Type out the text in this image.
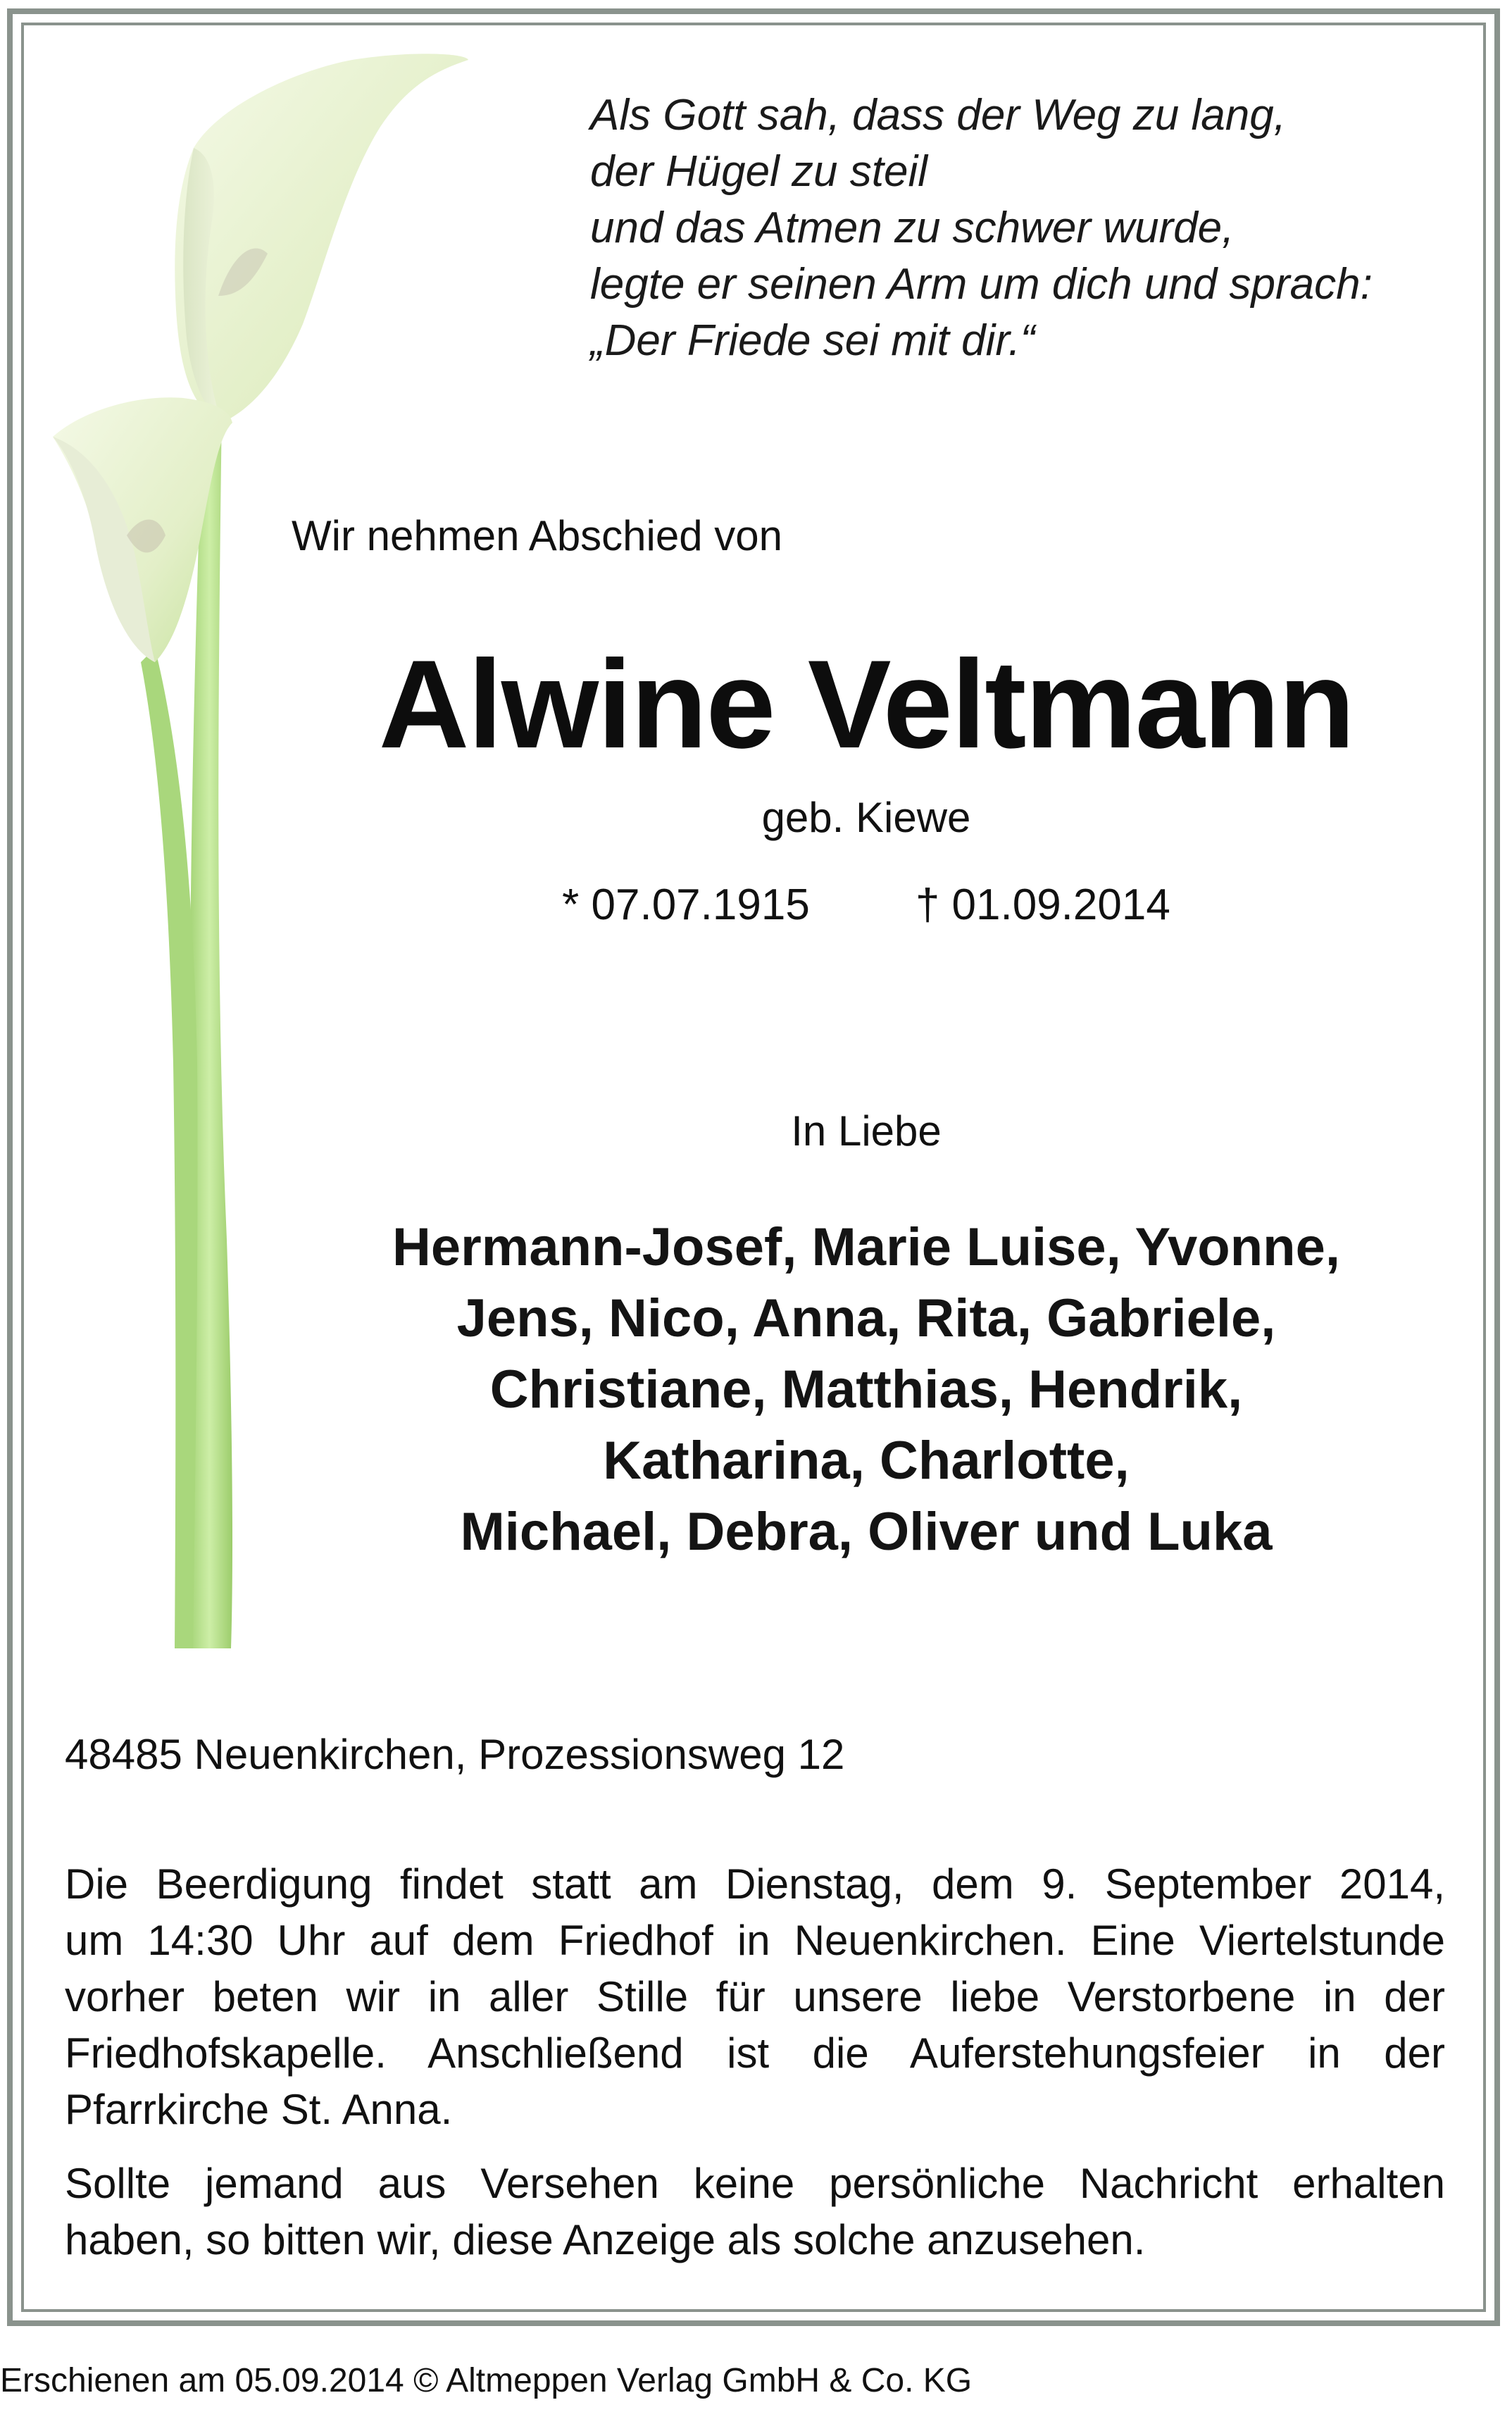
Als Gott sah, dass der Weg zu lang,
der Hügel zu steil
und das Atmen zu schwer wurde,
legte er seinen Arm um dich und sprach:
„Der Friede sei mit dir.“
Wir nehmen Abschied von
Alwine Veltmann
geb. Kiewe
* 07.07.1915 † 01.09.2014
In Liebe
Hermann-Josef, Marie Luise, Yvonne,
Jens, Nico, Anna, Rita, Gabriele,
Christiane, Matthias, Hendrik,
Katharina, Charlotte,
Michael, Debra, Oliver und Luka
48485 Neuenkirchen, Prozessionsweg 12
Die Beerdigung findet statt am Dienstag, dem 9. September 2014,
um 14:30 Uhr auf dem Friedhof in Neuenkirchen. Eine Viertelstunde
vorher beten wir in aller Stille für unsere liebe Verstorbene in der
Friedhofskapelle. Anschließend ist die Auferstehungsfeier in der
Pfarrkirche St. Anna.
Sollte jemand aus Versehen keine persönliche Nachricht erhalten
haben, so bitten wir, diese Anzeige als solche anzusehen.
Erschienen am 05.09.2014 © Altmeppen Verlag GmbH & Co. KG
